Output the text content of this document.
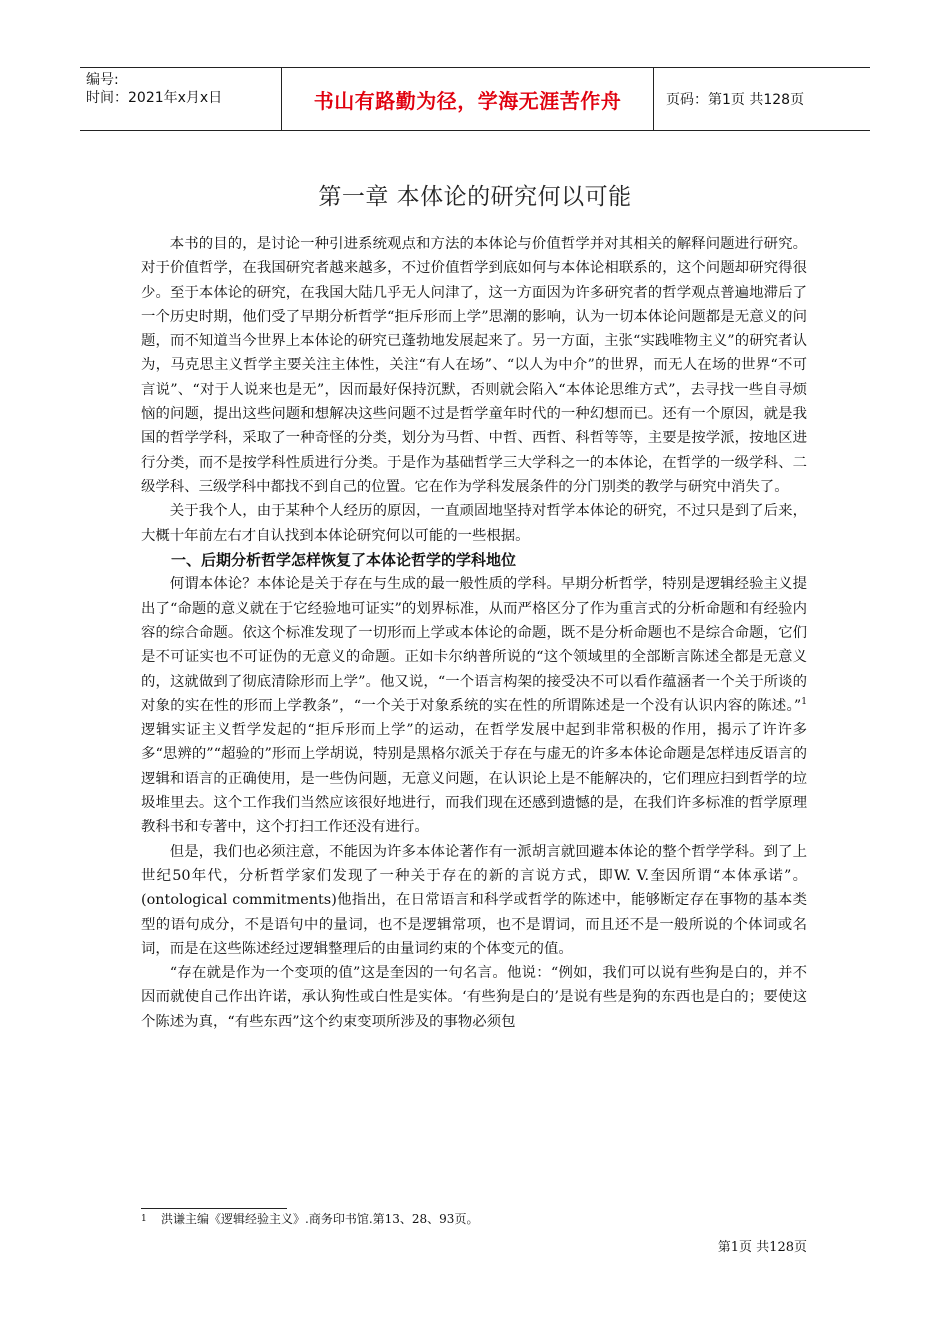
编号:
时间：2021年x月x日	书山有路勤为径，学海无涯苦作舟	页码：第1页 共128页
第一章 本体论的研究何以可能

本书的目的，是讨论一种引进系统观点和方法的本体论与价值哲学并对其相关的解释问题进行研究。对于价值哲学，在我国研究者越来越多，不过价值哲学到底如何与本体论相联系的，这个问题却研究得很少。至于本体论的研究，在我国大陆几乎无人问津了，这一方面因为许多研究者的哲学观点普遍地滞后了一个历史时期，他们受了早期分析哲学“拒斥形而上学”思潮的影响，认为一切本体论问题都是无意义的问题，而不知道当今世界上本体论的研究已蓬勃地发展起来了。另一方面，主张“实践唯物主义”的研究者认为，马克思主义哲学主要关注主体性，关注“有人在场”、“以人为中介”的世界，而无人在场的世界“不可言说”、“对于人说来也是无”，因而最好保持沉默，否则就会陷入“本体论思维方式”，去寻找一些自寻烦恼的问题，提出这些问题和想解决这些问题不过是哲学童年时代的一种幻想而已。还有一个原因，就是我国的哲学学科，采取了一种奇怪的分类，划分为马哲、中哲、西哲、科哲等等，主要是按学派，按地区进行分类，而不是按学科性质进行分类。于是作为基础哲学三大学科之一的本体论，在哲学的一级学科、二级学科、三级学科中都找不到自己的位置。它在作为学科发展条件的分门别类的教学与研究中消失了。

关于我个人，由于某种个人经历的原因，一直顽固地坚持对哲学本体论的研究，不过只是到了后来，大概十年前左右才自认找到本体论研究何以可能的一些根据。

一、后期分析哲学怎样恢复了本体论哲学的学科地位

何谓本体论？本体论是关于存在与生成的最一般性质的学科。早期分析哲学，特别是逻辑经验主义提出了“命题的意义就在于它经验地可证实”的划界标准，从而严格区分了作为重言式的分析命题和有经验内容的综合命题。依这个标准发现了一切形而上学或本体论的命题，既不是分析命题也不是综合命题，它们是不可证实也不可证伪的无意义的命题。正如卡尔纳普所说的“这个领域里的全部断言陈述全都是无意义的，这就做到了彻底清除形而上学”。他又说，“一个语言构架的接受决不可以看作蕴涵者一个关于所谈的对象的实在性的形而上学教条”，“一个关于对象系统的实在性的所谓陈述是一个没有认识内容的陈述。”$^1$逻辑实证主义哲学发起的“拒斥形而上学”的运动，在哲学发展中起到非常积极的作用，揭示了许许多多“思辨的”“超验的”形而上学胡说，特别是黑格尔派关于存在与虚无的许多本体论命题是怎样违反语言的逻辑和语言的正确使用，是一些伪问题，无意义问题，在认识论上是不能解决的，它们理应扫到哲学的垃圾堆里去。这个工作我们当然应该很好地进行，而我们现在还感到遗憾的是，在我们许多标准的哲学原理教科书和专著中，这个打扫工作还没有进行。

但是，我们也必须注意，不能因为许多本体论著作有一派胡言就回避本体论的整个哲学学科。到了上世纪50年代，分析哲学家们发现了一种关于存在的新的言说方式，即W. V.奎因所谓“本体承诺”。(ontological commitments)他指出，在日常语言和科学或哲学的陈述中，能够断定存在事物的基本类型的语句成分，不是语句中的量词，也不是逻辑常项，也不是谓词，而且还不是一般所说的个体词或名词，而是在这些陈述经过逻辑整理后的由量词约束的个体变元的值。

“存在就是作为一个变项的值”这是奎因的一句名言。他说：“例如，我们可以说有些狗是白的，并不因而就使自己作出许诺，承认狗性或白性是实体。‘有些狗是白的’是说有些是狗的东西也是白的；要使这个陈述为真，“有些东西”这个约束变项所涉及的事物必须包

1	洪谦主编《逻辑经验主义》.商务印书馆.第13、28、93页。
第1页 共128页
